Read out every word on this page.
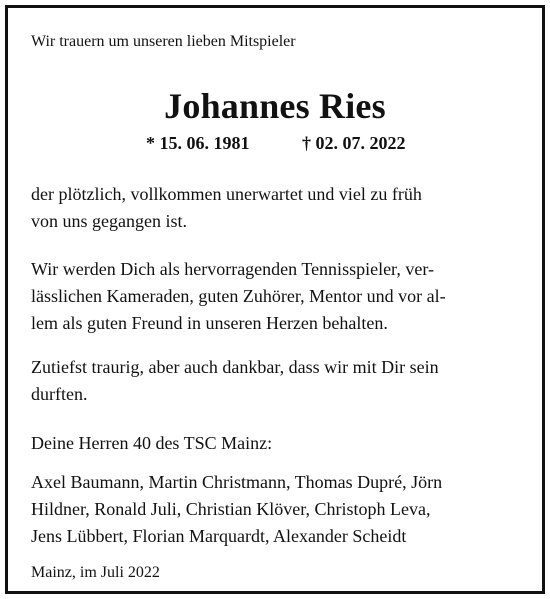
Wir trauern um unseren lieben Mitspieler
Johannes Ries
* 15. 06. 1981	† 02. 07. 2022
der plötzlich, vollkommen unerwartet und viel zu früh
von uns gegangen ist.
Wir werden Dich als hervorragenden Tennisspieler, ver-
lässlichen Kameraden, guten Zuhörer, Mentor und vor al-
lem als guten Freund in unseren Herzen behalten.
Zutiefst traurig, aber auch dankbar, dass wir mit Dir sein
durften.
Deine Herren 40 des TSC Mainz:
Axel Baumann, Martin Christmann, Thomas Dupré, Jörn
Hildner, Ronald Juli, Christian Klöver, Christoph Leva,
Jens Lübbert, Florian Marquardt, Alexander Scheidt
Mainz, im Juli 2022
